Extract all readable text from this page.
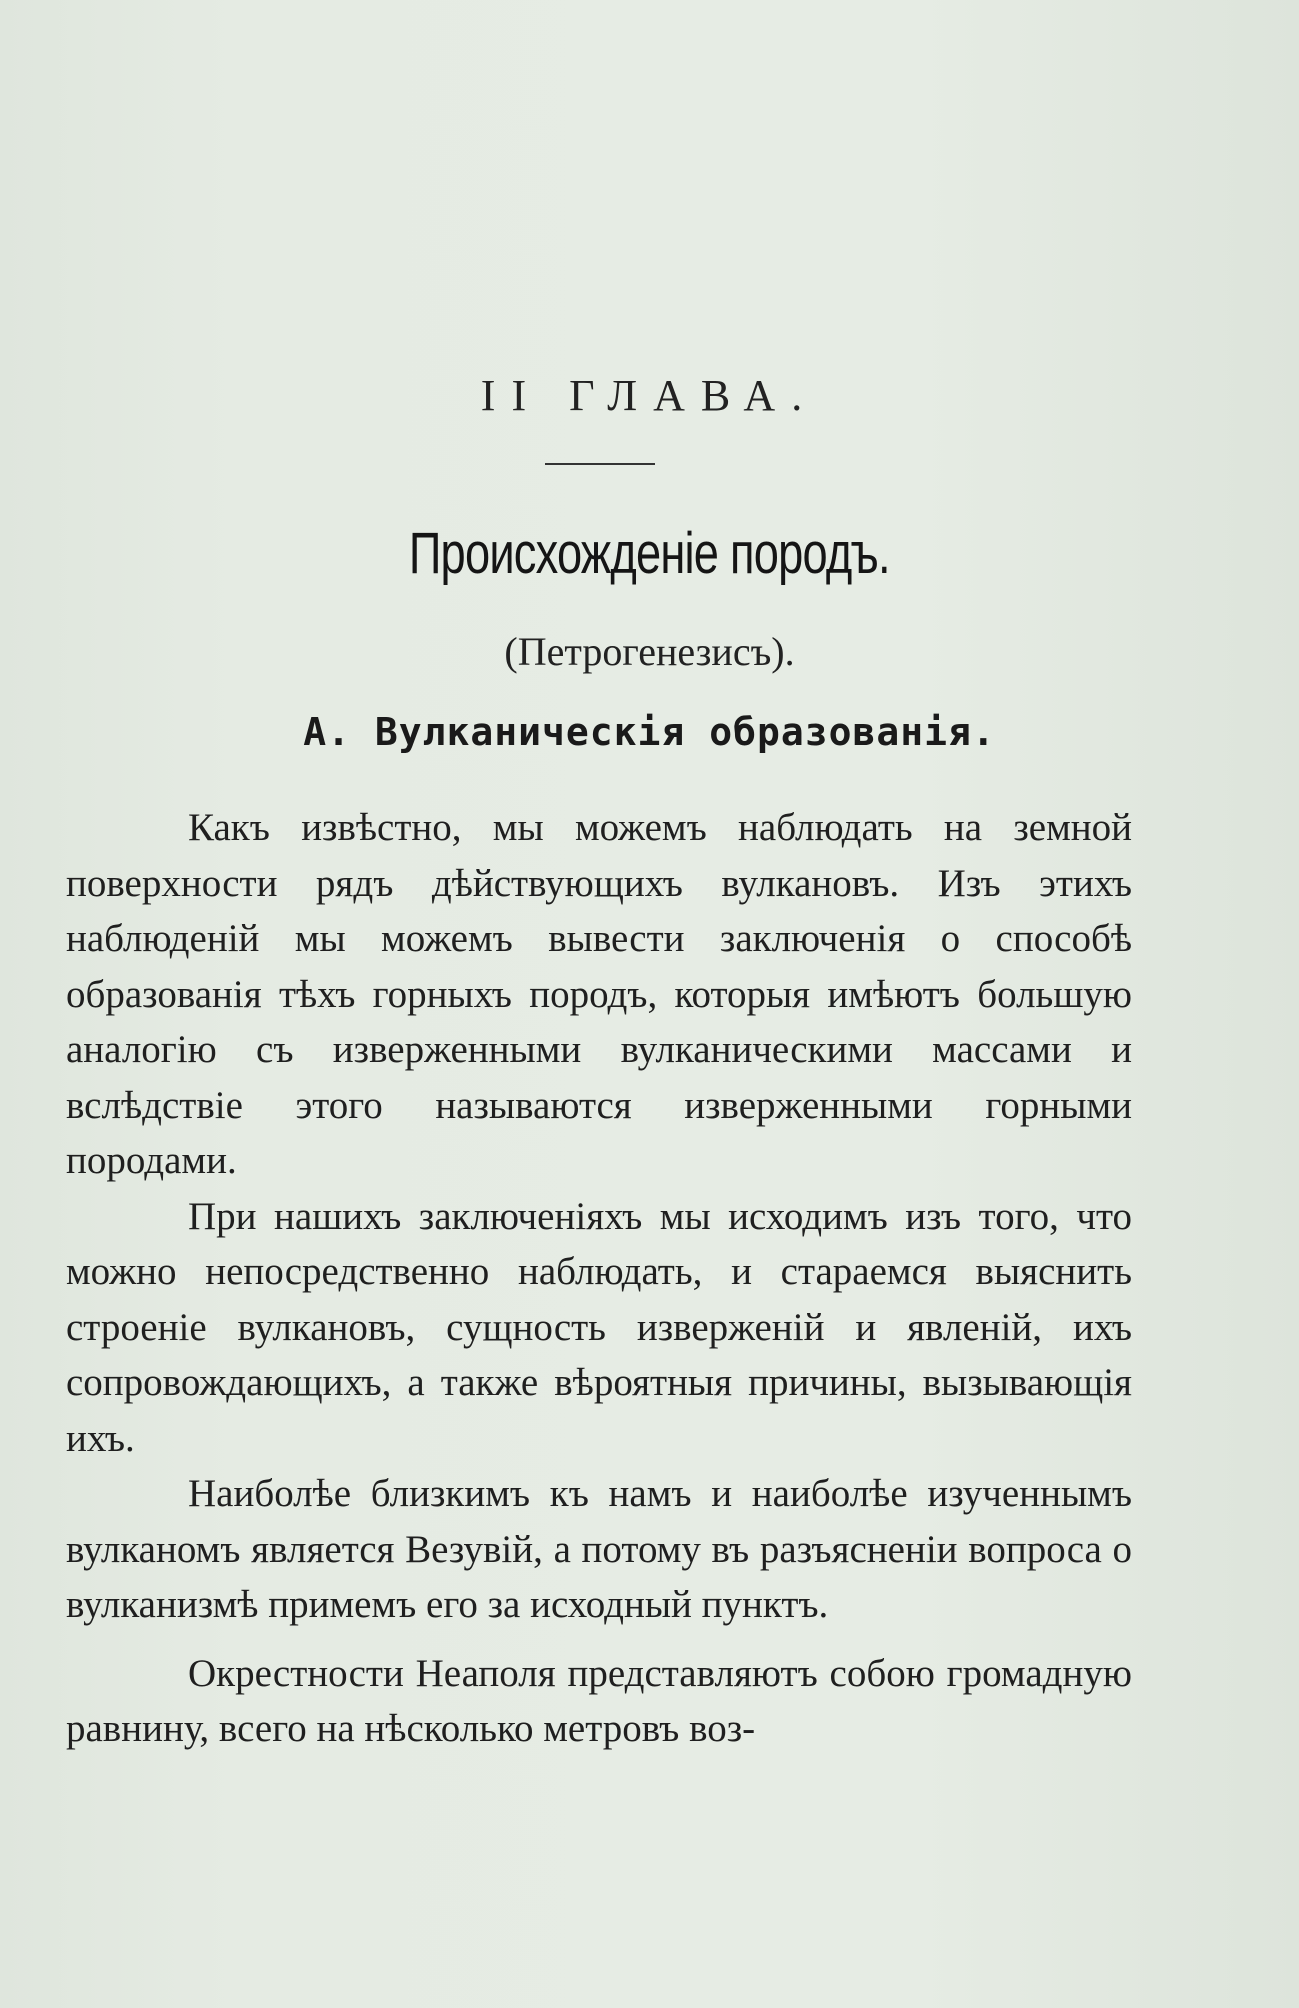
II ГЛАВА.
Происхожденіе породъ.
(Петрогенезисъ).
А. Вулканическія образованія.

Какъ извѣстно, мы можемъ наблюдать на земной поверхности рядъ дѣйствующихъ вулкановъ. Изъ этихъ наблюденій мы можемъ вывести заключенія о способѣ образованія тѣхъ горныхъ породъ, которыя имѣютъ большую аналогію съ изверженными вулканическими массами и вслѣдствіе этого называются изверженными горными породами.

При нашихъ заключеніяхъ мы исходимъ изъ того, что можно непосредственно наблюдать, и стараемся выяснить строеніе вулкановъ, сущность изверженій и явленій, ихъ сопровождающихъ, а также вѣроятныя причины, вызывающія ихъ.

Наиболѣе близкимъ къ намъ и наиболѣе изученнымъ вулканомъ является Везувій, а потому въ разъясненіи вопроса о вулканизмѣ примемъ его за исходный пунктъ.

Окрестности Неаполя представляютъ собою громадную равнину, всего на нѣсколько метровъ воз-
